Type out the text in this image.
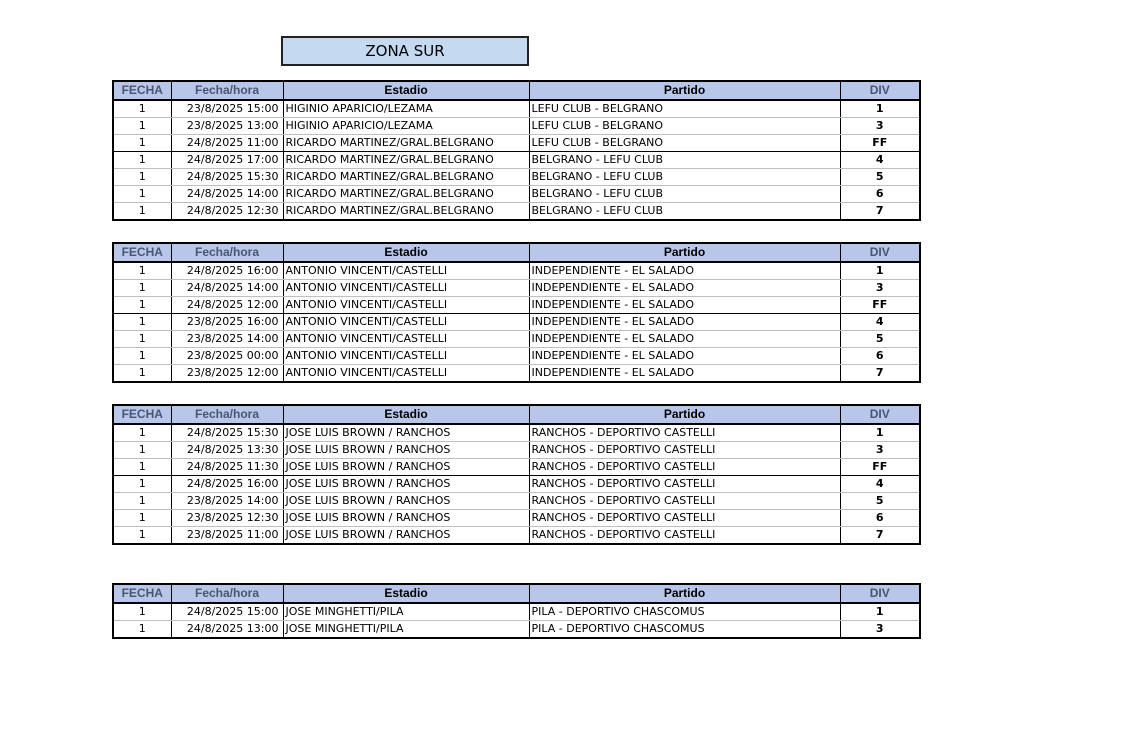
ZONA SUR
FECHA	Fecha/hora	Estadio	Partido	DIV
1	23/8/2025 15:00	HIGINIO APARICIO/LEZAMA	LEFU CLUB - BELGRANO	1
1	23/8/2025 13:00	HIGINIO APARICIO/LEZAMA	LEFU CLUB - BELGRANO	3
1	24/8/2025 11:00	RICARDO MARTINEZ/GRAL.BELGRANO	LEFU CLUB - BELGRANO	FF
1	24/8/2025 17:00	RICARDO MARTINEZ/GRAL.BELGRANO	BELGRANO - LEFU CLUB	4
1	24/8/2025 15:30	RICARDO MARTINEZ/GRAL.BELGRANO	BELGRANO - LEFU CLUB	5
1	24/8/2025 14:00	RICARDO MARTINEZ/GRAL.BELGRANO	BELGRANO - LEFU CLUB	6
1	24/8/2025 12:30	RICARDO MARTINEZ/GRAL.BELGRANO	BELGRANO - LEFU CLUB	7
FECHA	Fecha/hora	Estadio	Partido	DIV
1	24/8/2025 16:00	ANTONIO VINCENTI/CASTELLI	INDEPENDIENTE - EL SALADO	1
1	24/8/2025 14:00	ANTONIO VINCENTI/CASTELLI	INDEPENDIENTE - EL SALADO	3
1	24/8/2025 12:00	ANTONIO VINCENTI/CASTELLI	INDEPENDIENTE - EL SALADO	FF
1	23/8/2025 16:00	ANTONIO VINCENTI/CASTELLI	INDEPENDIENTE - EL SALADO	4
1	23/8/2025 14:00	ANTONIO VINCENTI/CASTELLI	INDEPENDIENTE - EL SALADO	5
1	23/8/2025 00:00	ANTONIO VINCENTI/CASTELLI	INDEPENDIENTE - EL SALADO	6
1	23/8/2025 12:00	ANTONIO VINCENTI/CASTELLI	INDEPENDIENTE - EL SALADO	7
FECHA	Fecha/hora	Estadio	Partido	DIV
1	24/8/2025 15:30	JOSE LUIS BROWN / RANCHOS	RANCHOS - DEPORTIVO CASTELLI	1
1	24/8/2025 13:30	JOSE LUIS BROWN / RANCHOS	RANCHOS - DEPORTIVO CASTELLI	3
1	24/8/2025 11:30	JOSE LUIS BROWN / RANCHOS	RANCHOS - DEPORTIVO CASTELLI	FF
1	24/8/2025 16:00	JOSE LUIS BROWN / RANCHOS	RANCHOS - DEPORTIVO CASTELLI	4
1	23/8/2025 14:00	JOSE LUIS BROWN / RANCHOS	RANCHOS - DEPORTIVO CASTELLI	5
1	23/8/2025 12:30	JOSE LUIS BROWN / RANCHOS	RANCHOS - DEPORTIVO CASTELLI	6
1	23/8/2025 11:00	JOSE LUIS BROWN / RANCHOS	RANCHOS - DEPORTIVO CASTELLI	7
FECHA	Fecha/hora	Estadio	Partido	DIV
1	24/8/2025 15:00	JOSE MINGHETTI/PILA	PILA - DEPORTIVO CHASCOMUS	1
1	24/8/2025 13:00	JOSE MINGHETTI/PILA	PILA - DEPORTIVO CHASCOMUS	3
